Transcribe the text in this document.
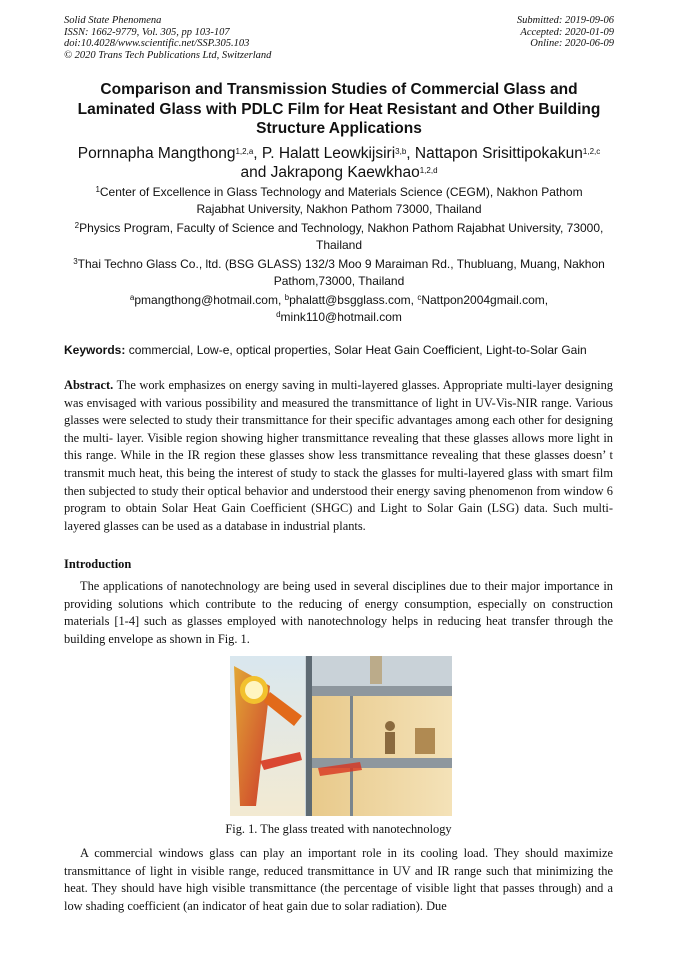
Solid State Phenomena
ISSN: 1662-9779, Vol. 305, pp 103-107
doi:10.4028/www.scientific.net/SSP.305.103
© 2020 Trans Tech Publications Ltd, Switzerland
Submitted: 2019-09-06
Accepted: 2020-01-09
Online: 2020-06-09
Comparison and Transmission Studies of Commercial Glass and Laminated Glass with PDLC Film for Heat Resistant and Other Building Structure Applications
Pornnapha Mangthong$^{1,2,a}$, P. Halatt Leowkijsiri$^{3,b}$, Nattapon Srisittipokakun$^{1,2,c}$
and Jakrapong Kaewkhao$^{1,2,d}$
$^1$Center of Excellence in Glass Technology and Materials Science (CEGM), Nakhon Pathom Rajabhat University, Nakhon Pathom 73000, Thailand
$^2$Physics Program, Faculty of Science and Technology, Nakhon Pathom Rajabhat University, 73000, Thailand
$^3$Thai Techno Glass Co., ltd. (BSG GLASS) 132/3 Moo 9 Maraiman Rd., Thubluang, Muang, Nakhon Pathom,73000, Thailand
$^a$pmangthong@hotmail.com, $^b$phalatt@bsgglass.com, $^c$Nattpon2004gmail.com,
$^d$mink110@hotmail.com
Keywords: commercial, Low-e, optical properties, Solar Heat Gain Coefficient, Light-to-Solar Gain
Abstract. The work emphasizes on energy saving in multi-layered glasses. Appropriate multi-layer designing was envisaged with various possibility and measured the transmittance of light in UV-Vis-NIR range. Various glasses were selected to study their transmittance for their specific advantages among each other for designing the multi- layer. Visible region showing higher transmittance revealing that these glasses allows more light in this range. While in the IR region these glasses show less transmittance revealing that these glasses doesn’ t transmit much heat, this being the interest of study to stack the glasses for multi-layered glass with smart film then subjected to study their optical behavior and understood their energy saving phenomenon from window 6 program to obtain Solar Heat Gain Coefficient (SHGC) and Light to Solar Gain (LSG) data. Such multi-layered glasses can be used as a database in industrial plants.
Introduction
The applications of nanotechnology are being used in several disciplines due to their major importance in providing solutions which contribute to the reducing of energy consumption, especially on construction materials [1-4] such as glasses employed with nanotechnology helps in reducing heat transfer through the building envelope as shown in Fig. 1.
Fig. 1. The glass treated with nanotechnology
A commercial windows glass can play an important role in its cooling load. They should maximize transmittance of light in visible range, reduced transmittance in UV and IR range such that minimizing the heat. They should have high visible transmittance (the percentage of visible light that passes through) and a low shading coefficient (an indicator of heat gain due to solar radiation). Due
